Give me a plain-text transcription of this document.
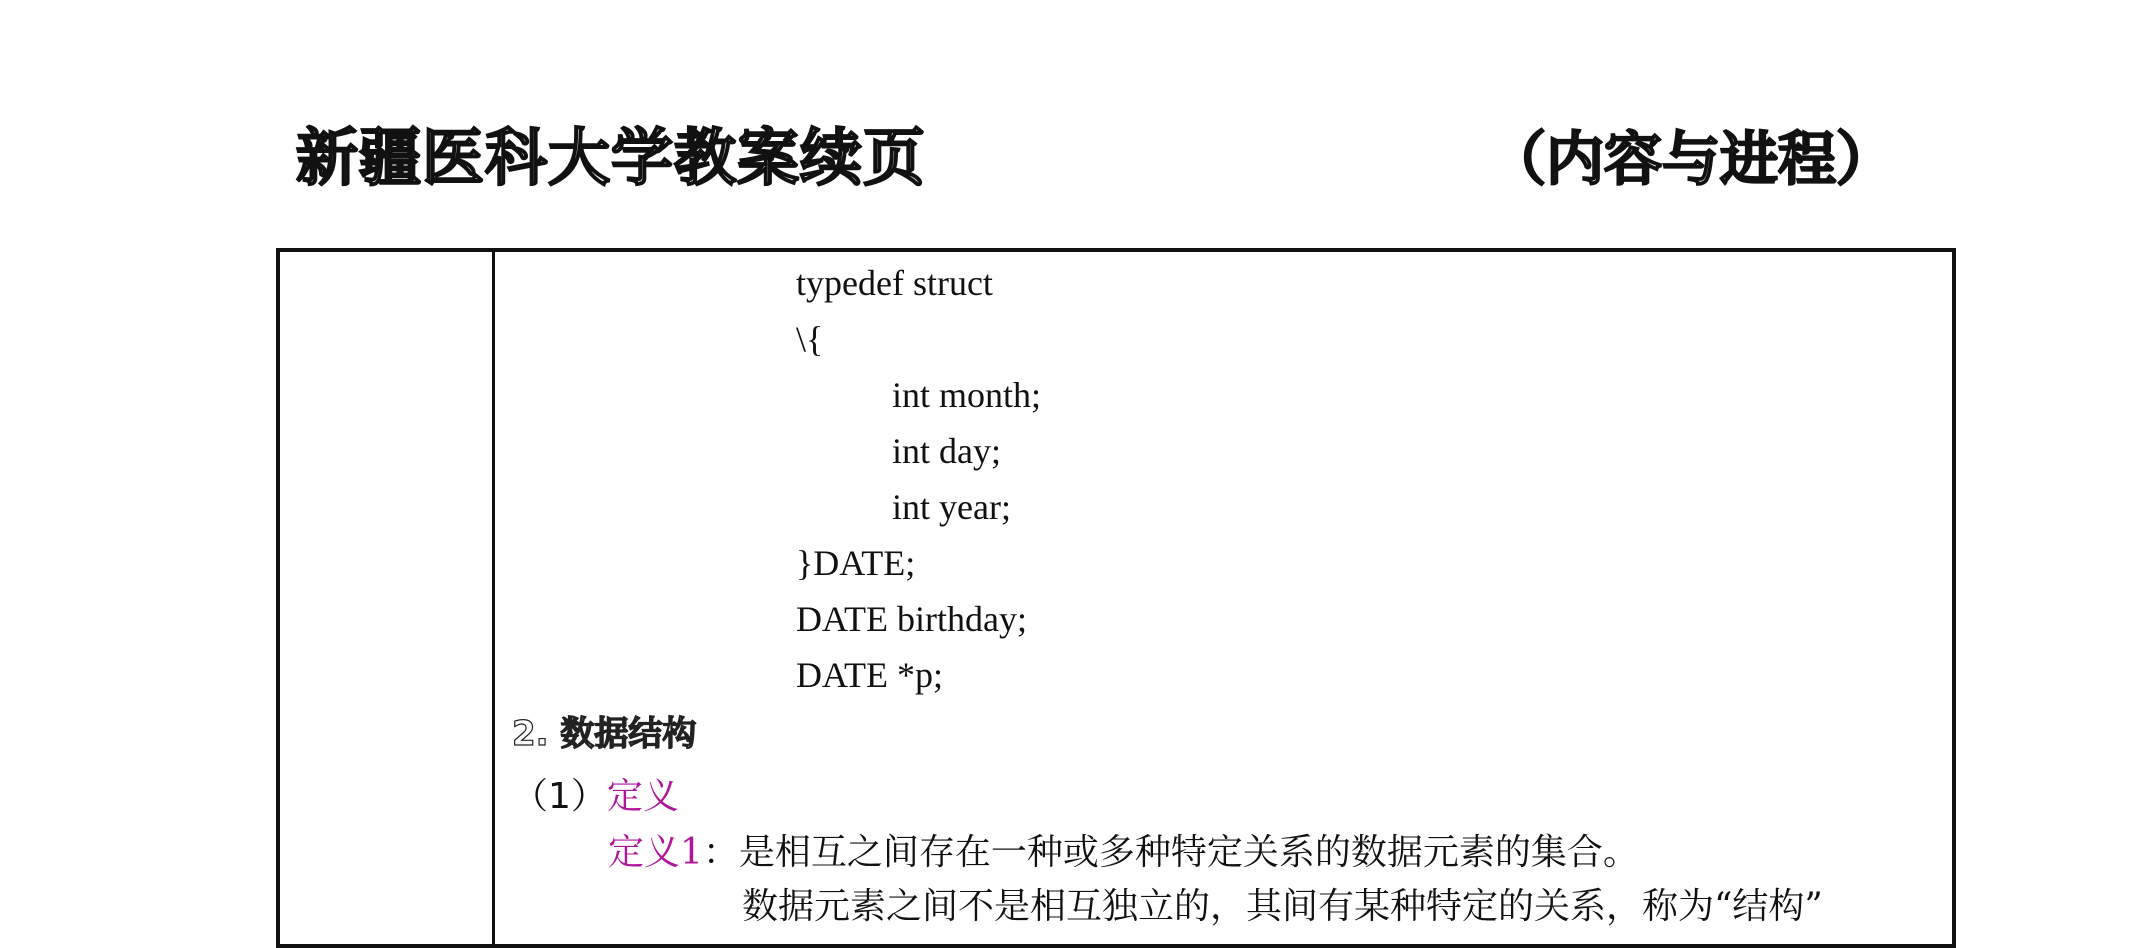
新疆医科大学教案续页	（内容与进程）
typedef struct
\{
int month;
int day;
int year;
}DATE;
DATE birthday;
DATE *p;
2. 数据结构
（1）定义
定义1：是相互之间存在一种或多种特定关系的数据元素的集合。
数据元素之间不是相互独立的，其间有某种特定的关系，称为“结构”
